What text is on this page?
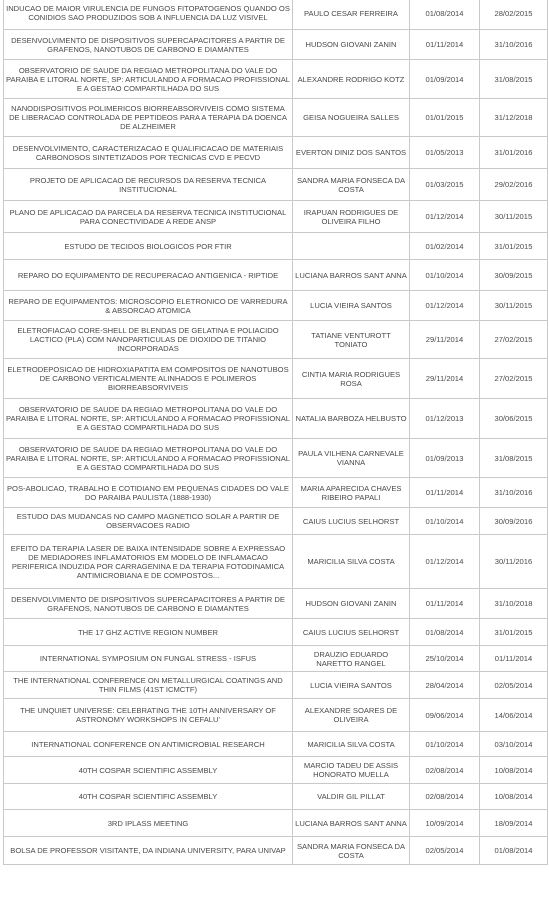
INDUCAO DE MAIOR VIRULENCIA DE FUNGOS FITOPATOGENOS QUANDO OS CONIDIOS SAO PRODUZIDOS SOB A INFLUENCIA DA LUZ VISIVEL	PAULO CESAR FERREIRA	01/08/2014	28/02/2015
DESENVOLVIMENTO DE DISPOSITIVOS SUPERCAPACITORES A PARTIR DE GRAFENOS, NANOTUBOS DE CARBONO E DIAMANTES	HUDSON GIOVANI ZANIN	01/11/2014	31/10/2016
OBSERVATORIO DE SAUDE DA REGIAO METROPOLITANA DO VALE DO PARAIBA E LITORAL NORTE, SP: ARTICULANDO A FORMACAO PROFISSIONAL E A GESTAO COMPARTILHADA DO SUS	ALEXANDRE RODRIGO KOTZ	01/09/2014	31/08/2015
NANODISPOSITIVOS POLIMERICOS BIORREABSORVIVEIS COMO SISTEMA DE LIBERACAO CONTROLADA DE PEPTIDEOS PARA A TERAPIA DA DOENCA DE ALZHEIMER	GEISA NOGUEIRA SALLES	01/01/2015	31/12/2018
DESENVOLVIMENTO, CARACTERIZACAO E QUALIFICACAO DE MATERIAIS CARBONOSOS SINTETIZADOS POR TECNICAS CVD E PECVD	EVERTON DINIZ DOS SANTOS	01/05/2013	31/01/2016
PROJETO DE APLICACAO DE RECURSOS DA RESERVA TECNICA INSTITUCIONAL	SANDRA MARIA FONSECA DA COSTA	01/03/2015	29/02/2016
PLANO DE APLICACAO DA PARCELA DA RESERVA TECNICA INSTITUCIONAL PARA CONECTIVIDADE A REDE ANSP	IRAPUAN RODRIGUES DE OLIVEIRA FILHO	01/12/2014	30/11/2015
ESTUDO DE TECIDOS BIOLOGICOS POR FTIR		01/02/2014	31/01/2015
REPARO DO EQUIPAMENTO DE RECUPERACAO ANTIGENICA - RIPTIDE	LUCIANA BARROS SANT ANNA	01/10/2014	30/09/2015
REPARO DE EQUIPAMENTOS: MICROSCOPIO ELETRONICO DE VARREDURA & ABSORCAO ATOMICA	LUCIA VIEIRA SANTOS	01/12/2014	30/11/2015
ELETROFIACAO CORE-SHELL DE BLENDAS DE GELATINA E POLIACIDO LACTICO (PLA) COM NANOPARTICULAS DE DIOXIDO DE TITANIO INCORPORADAS	TATIANE VENTUROTT TONIATO	29/11/2014	27/02/2015
ELETRODEPOSICAO DE HIDROXIAPATITA EM COMPOSITOS DE NANOTUBOS DE CARBONO VERTICALMENTE ALINHADOS E POLIMEROS BIORREABSORVIVEIS	CINTIA MARIA RODRIGUES ROSA	29/11/2014	27/02/2015
OBSERVATORIO DE SAUDE DA REGIAO METROPOLITANA DO VALE DO PARAIBA E LITORAL NORTE, SP: ARTICULANDO A FORMACAO PROFISSIONAL E A GESTAO COMPARTILHADA DO SUS	NATALIA BARBOZA HELBUSTO	01/12/2013	30/06/2015
OBSERVATORIO DE SAUDE DA REGIAO METROPOLITANA DO VALE DO PARAIBA E LITORAL NORTE, SP: ARTICULANDO A FORMACAO PROFISSIONAL E A GESTAO COMPARTILHADA DO SUS	PAULA VILHENA CARNEVALE VIANNA	01/09/2013	31/08/2015
POS-ABOLICAO, TRABALHO E COTIDIANO EM PEQUENAS CIDADES DO VALE DO PARAIBA PAULISTA (1888-1930)	MARIA APARECIDA CHAVES RIBEIRO PAPALI	01/11/2014	31/10/2016
ESTUDO DAS MUDANCAS NO CAMPO MAGNETICO SOLAR A PARTIR DE OBSERVACOES RADIO	CAIUS LUCIUS SELHORST	01/10/2014	30/09/2016
EFEITO DA TERAPIA LASER DE BAIXA INTENSIDADE SOBRE A EXPRESSAO DE MEDIADORES INFLAMATORIOS EM MODELO DE INFLAMACAO PERIFERICA INDUZIDA POR CARRAGENINA E DA TERAPIA FOTODINAMICA ANTIMICROBIANA E DE COMPOSTOS...	MARICILIA SILVA COSTA	01/12/2014	30/11/2016
DESENVOLVIMENTO DE DISPOSITIVOS SUPERCAPACITORES A PARTIR DE GRAFENOS, NANOTUBOS DE CARBONO E DIAMANTES	HUDSON GIOVANI ZANIN	01/11/2014	31/10/2018
THE 17 GHZ ACTIVE REGION NUMBER	CAIUS LUCIUS SELHORST	01/08/2014	31/01/2015
INTERNATIONAL SYMPOSIUM ON FUNGAL STRESS - ISFUS	DRAUZIO EDUARDO NARETTO RANGEL	25/10/2014	01/11/2014
THE INTERNATIONAL CONFERENCE ON METALLURGICAL COATINGS AND THIN FILMS (41ST ICMCTF)	LUCIA VIEIRA SANTOS	28/04/2014	02/05/2014
THE UNQUIET UNIVERSE: CELEBRATING THE 10TH ANNIVERSARY OF ASTRONOMY WORKSHOPS IN CEFALU'	ALEXANDRE SOARES DE OLIVEIRA	09/06/2014	14/06/2014
INTERNATIONAL CONFERENCE ON ANTIMICROBIAL RESEARCH	MARICILIA SILVA COSTA	01/10/2014	03/10/2014
40TH COSPAR SCIENTIFIC ASSEMBLY	MARCIO TADEU DE ASSIS HONORATO MUELLA	02/08/2014	10/08/2014
40TH COSPAR SCIENTIFIC ASSEMBLY	VALDIR GIL PILLAT	02/08/2014	10/08/2014
3RD IPLASS MEETING	LUCIANA BARROS SANT ANNA	10/09/2014	18/09/2014
BOLSA DE PROFESSOR VISITANTE, DA INDIANA UNIVERSITY, PARA UNIVAP	SANDRA MARIA FONSECA DA COSTA	02/05/2014	01/08/2014
